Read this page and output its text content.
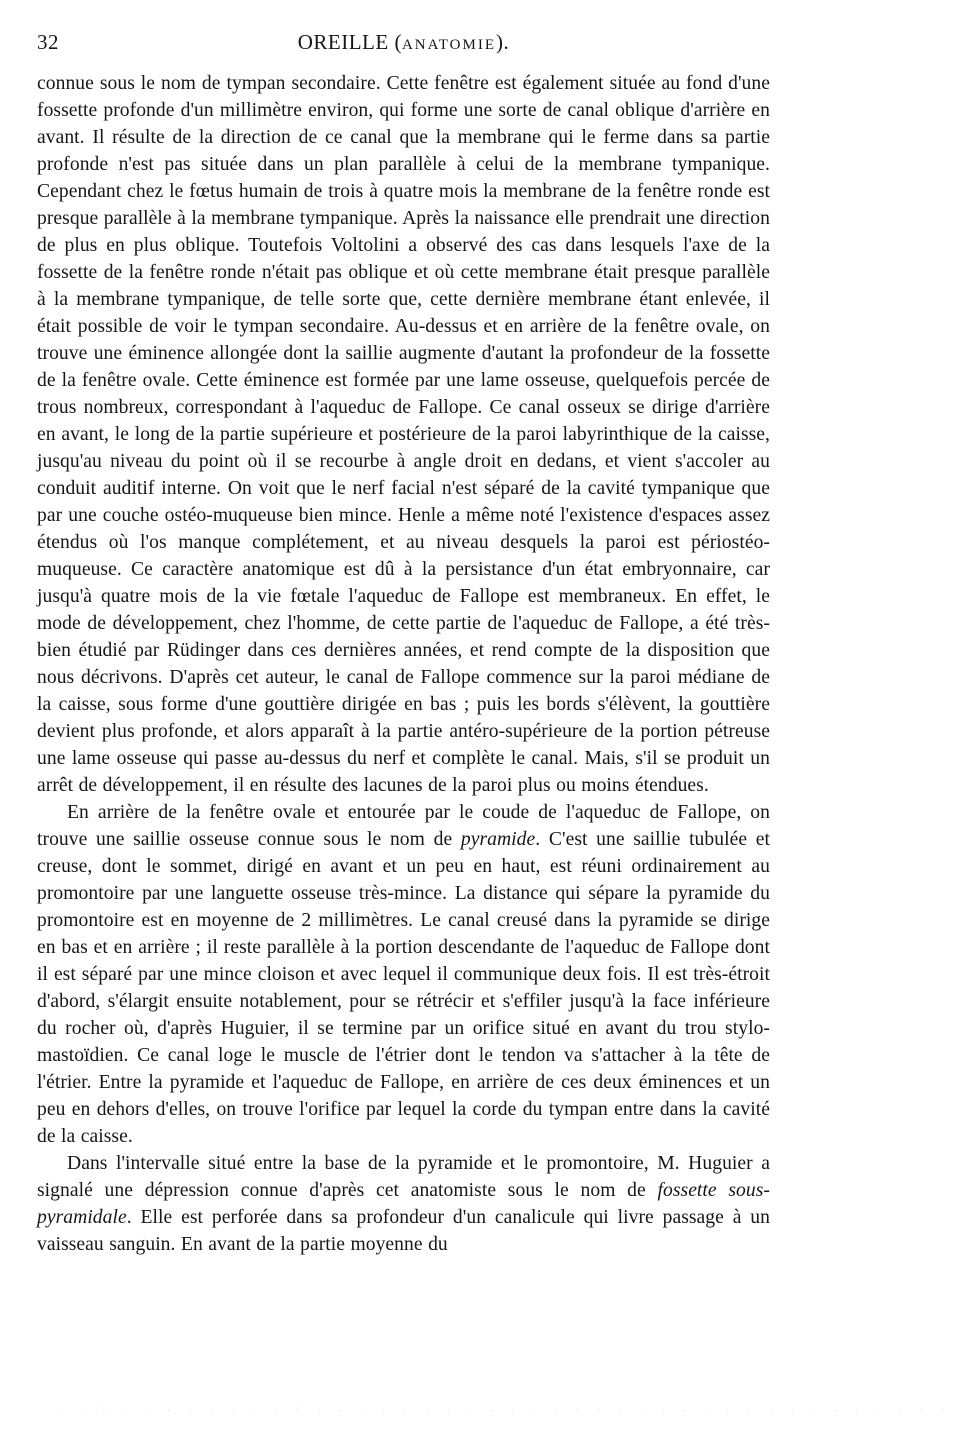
32	OREILLE (ANATOMIE).

connue sous le nom de tympan secondaire. Cette fenêtre est également située au fond d'une fossette profonde d'un millimètre environ, qui forme une sorte de canal oblique d'arrière en avant. Il résulte de la direction de ce canal que la membrane qui le ferme dans sa partie profonde n'est pas située dans un plan parallèle à celui de la membrane tympanique. Cependant chez le fœtus humain de trois à quatre mois la membrane de la fenêtre ronde est presque parallèle à la membrane tympanique. Après la naissance elle prendrait une direction de plus en plus oblique. Toutefois Voltolini a observé des cas dans lesquels l'axe de la fossette de la fenêtre ronde n'était pas oblique et où cette membrane était presque parallèle à la membrane tympanique, de telle sorte que, cette dernière membrane étant enlevée, il était possible de voir le tympan secondaire. Au-dessus et en arrière de la fenêtre ovale, on trouve une éminence allongée dont la saillie augmente d'autant la profondeur de la fossette de la fenêtre ovale. Cette éminence est formée par une lame osseuse, quelquefois percée de trous nombreux, correspondant à l'aqueduc de Fallope. Ce canal osseux se dirige d'arrière en avant, le long de la partie supérieure et postérieure de la paroi labyrinthique de la caisse, jusqu'au niveau du point où il se recourbe à angle droit en dedans, et vient s'accoler au conduit auditif interne. On voit que le nerf facial n'est séparé de la cavité tympanique que par une couche ostéo-muqueuse bien mince. Henle a même noté l'existence d'espaces assez étendus où l'os manque complétement, et au niveau desquels la paroi est périostéo-muqueuse. Ce caractère anatomique est dû à la persistance d'un état embryonnaire, car jusqu'à quatre mois de la vie fœtale l'aqueduc de Fallope est membraneux. En effet, le mode de développement, chez l'homme, de cette partie de l'aqueduc de Fallope, a été très-bien étudié par Rüdinger dans ces dernières années, et rend compte de la disposition que nous décrivons. D'après cet auteur, le canal de Fallope commence sur la paroi médiane de la caisse, sous forme d'une gouttière dirigée en bas ; puis les bords s'élèvent, la gouttière devient plus profonde, et alors apparaît à la partie antéro-supérieure de la portion pétreuse une lame osseuse qui passe au-dessus du nerf et complète le canal. Mais, s'il se produit un arrêt de développement, il en résulte des lacunes de la paroi plus ou moins étendues.

En arrière de la fenêtre ovale et entourée par le coude de l'aqueduc de Fallope, on trouve une saillie osseuse connue sous le nom de pyramide. C'est une saillie tubulée et creuse, dont le sommet, dirigé en avant et un peu en haut, est réuni ordinairement au promontoire par une languette osseuse très-mince. La distance qui sépare la pyramide du promontoire est en moyenne de 2 millimètres. Le canal creusé dans la pyramide se dirige en bas et en arrière ; il reste parallèle à la portion descendante de l'aqueduc de Fallope dont il est séparé par une mince cloison et avec lequel il communique deux fois. Il est très-étroit d'abord, s'élargit ensuite notablement, pour se rétrécir et s'effiler jusqu'à la face inférieure du rocher où, d'après Huguier, il se termine par un orifice situé en avant du trou stylo-mastoïdien. Ce canal loge le muscle de l'étrier dont le tendon va s'attacher à la tête de l'étrier. Entre la pyramide et l'aqueduc de Fallope, en arrière de ces deux éminences et un peu en dehors d'elles, on trouve l'orifice par lequel la corde du tympan entre dans la cavité de la caisse.

Dans l'intervalle situé entre la base de la pyramide et le promontoire, M. Huguier a signalé une dépression connue d'après cet anatomiste sous le nom de fossette sous-pyramidale. Elle est perforée dans sa profondeur d'un canalicule qui livre passage à un vaisseau sanguin. En avant de la partie moyenne du

. . : . . . . . . . . : . . . . . . . . . . . . . . . . . . . . . . . . . . . . . .
